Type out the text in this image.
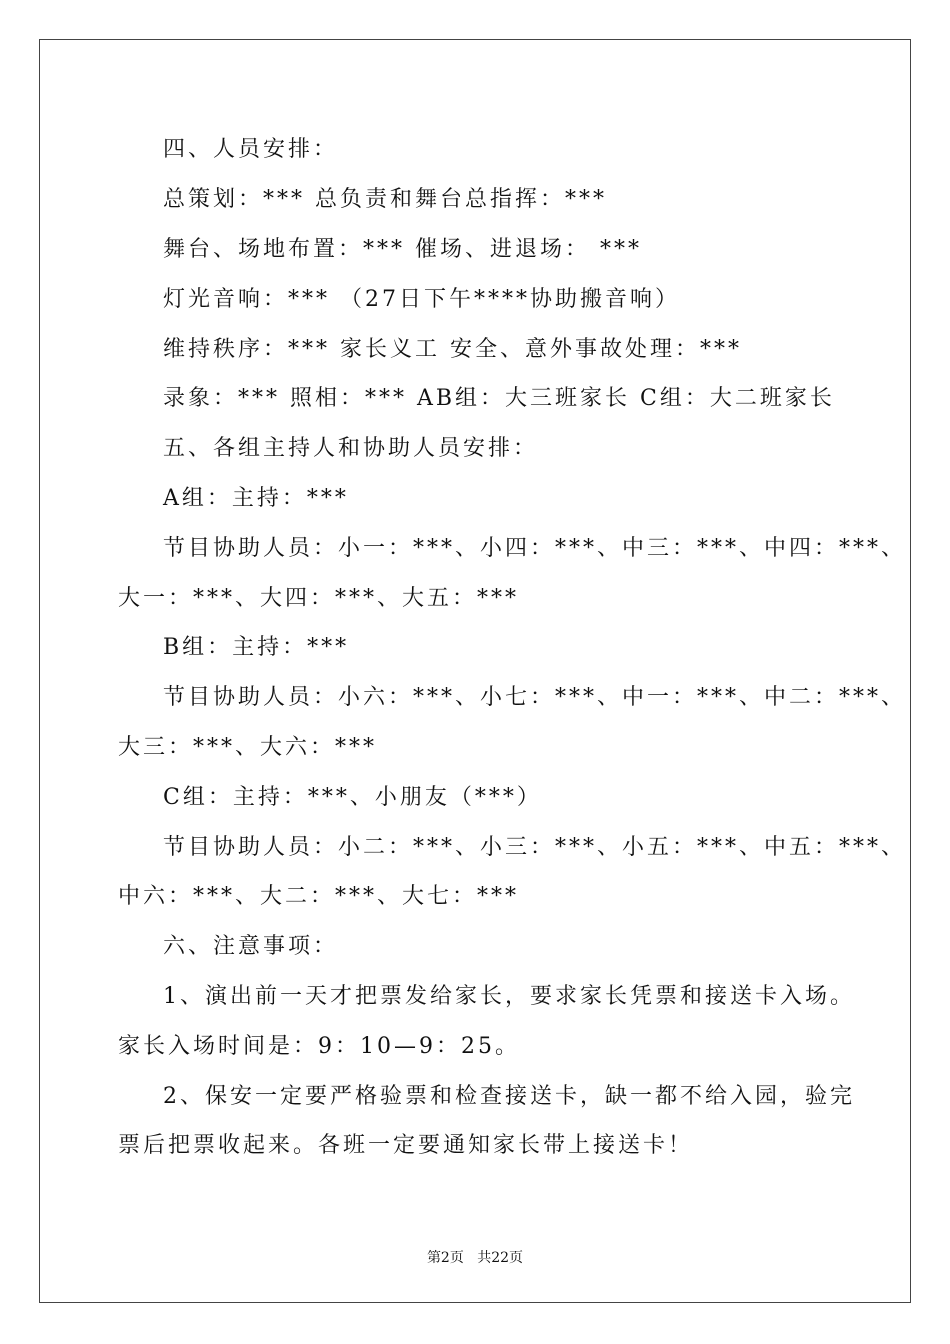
四、人员安排：
总策划：*** 总负责和舞台总指挥：***
舞台、场地布置：*** 催场、进退场： ***
灯光音响：*** （27日下午****协助搬音响）
维持秩序：*** 家长义工 安全、意外事故处理：***
录象：*** 照相：*** AB组：大三班家长 C组：大二班家长
五、各组主持人和协助人员安排：
A组：主持：***
节目协助人员：小一：***、小四：***、中三：***、中四：***、
大一：***、大四：***、大五：***
B组：主持：***
节目协助人员：小六：***、小七：***、中一：***、中二：***、
大三：***、大六：***
C组：主持：***、小朋友（***）
节目协助人员：小二：***、小三：***、小五：***、中五：***、
中六：***、大二：***、大七：***
六、注意事项：
1、演出前一天才把票发给家长，要求家长凭票和接送卡入场。
家长入场时间是：9：10—9：25。
2、保安一定要严格验票和检查接送卡，缺一都不给入园，验完
票后把票收起来。各班一定要通知家长带上接送卡！
第2页 共22页
